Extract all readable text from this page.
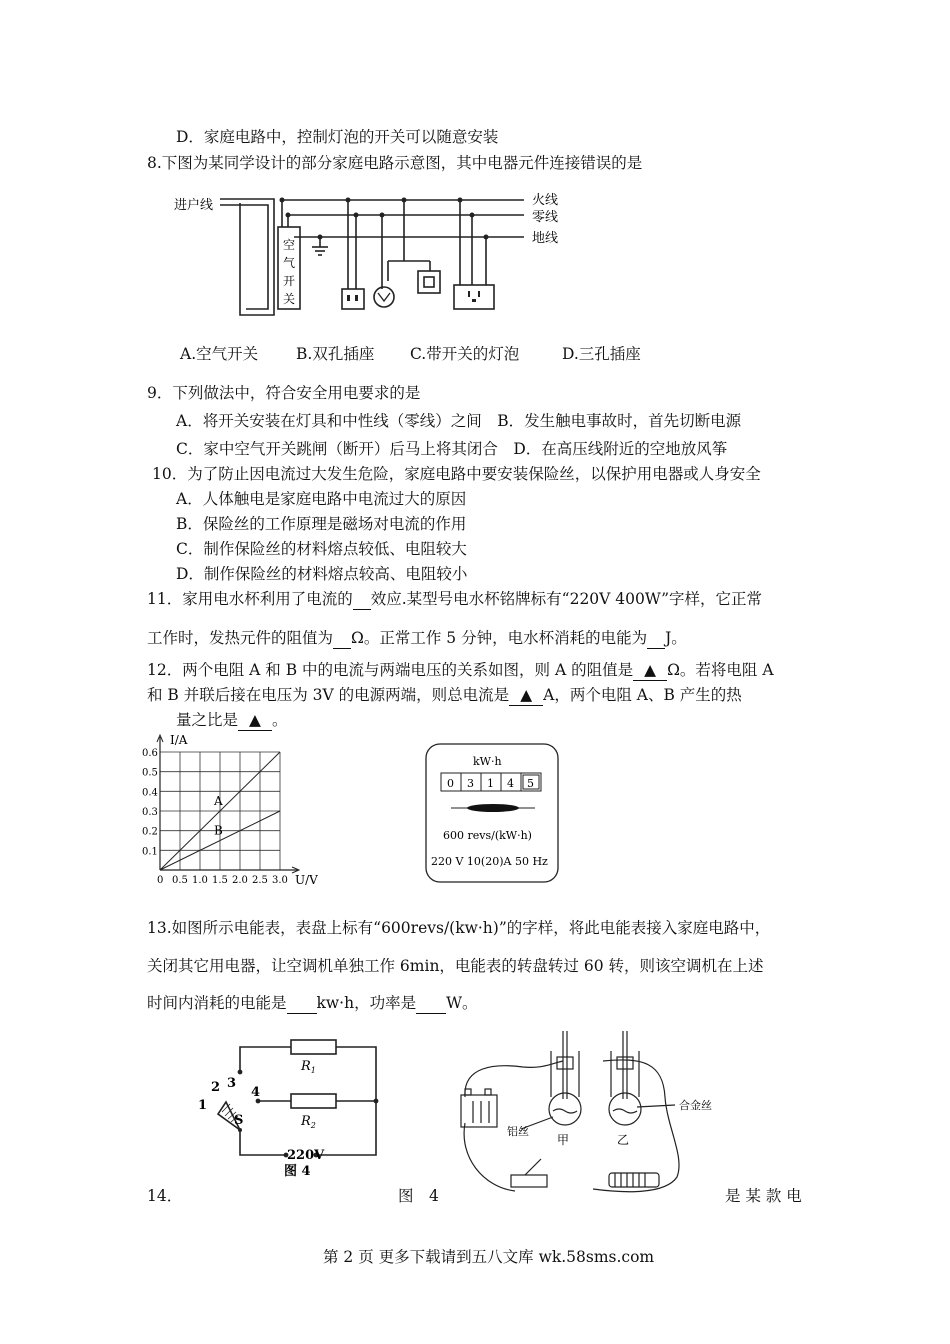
D．家庭电路中，控制灯泡的开关可以随意安装
8.下图为某同学设计的部分家庭电路示意图，其中电器元件连接错误的是
进户线	火线
零线
地线
空
气
开
关
A.空气开关 B.双孔插座 C.带开关的灯泡	D.三孔插座
9．下列做法中，符合安全用电要求的是
A．将开关安装在灯具和中性线（零线）之间　B．发生触电事故时，首先切断电源
C．家中空气开关跳闸（断开）后马上将其闭合　D．在高压线附近的空地放风筝
10．为了防止因电流过大发生危险，家庭电路中要安装保险丝，以保护用电器或人身安全
A．人体触电是家庭电路中电流过大的原因
B．保险丝的工作原理是磁场对电流的作用
C．制作保险丝的材料熔点较低、电阻较大
D．制作保险丝的材料熔点较高、电阻较小
11．家用电水杯利用了电流的 效应.某型号电水杯铭牌标有“220V 400W”字样，它正常
工作时，发热元件的阻值为 Ω。正常工作 5 分钟，电水杯消耗的电能为 J。
12．两个电阻 A 和 B 中的电流与两端电压的关系如图，则 A 的阻值是 ▲ Ω。若将电阻 A
和 B 并联后接在电压为 3V 的电源两端，则总电流是 ▲ A，两个电阻 A、B 产生的热
量之比是 ▲ 。
A
B
0.1
0.2
0.3
0.4
0.5
0.6
0 0.5 1.0 1.5 2.0 2.5 3.0
I/A
U/V
kW·h
0 3 1 4 5
600 revs/(kW·h)
220 V 10(20)A 50 Hz
13.如图所示电能表，表盘上标有“600revs/(kw·h)”的字样，将此电能表接入家庭电路中，
关闭其它用电器，让空调机单独工作 6min，电能表的转盘转过 60 转，则该空调机在上述
时间内消耗的电能是 kw·h，功率是 W。
$R_1$
$R_2$
1
2 3
4
S
220V
图 4
合金丝
铝丝
甲	乙
14．	图　4	是 某 款 电
第 2 页 更多下载请到五八文库 wk.58sms.com
